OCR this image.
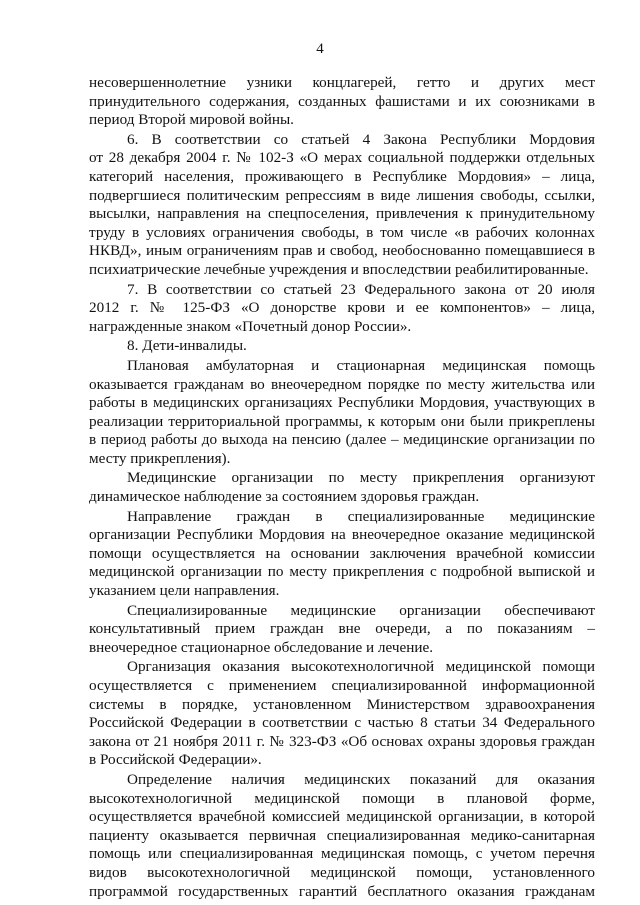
4

несовершеннолетние узники концлагерей, гетто и других мест
принудительного содержания, созданных фашистами и их союзниками в
период Второй мировой войны.

6. В соответствии со статьей 4 Закона Республики Мордовия
от 28 декабря 2004 г. № 102-З «О мерах социальной поддержки отдельных
категорий населения, проживающего в Республике Мордовия» – лица,
подвергшиеся политическим репрессиям в виде лишения свободы, ссылки,
высылки, направления на спецпоселения, привлечения к принудительному
труду в условиях ограничения свободы, в том числе «в рабочих колоннах
НКВД», иным ограничениям прав и свобод, необоснованно помещавшиеся в
психиатрические лечебные учреждения и впоследствии реабилитированные.

7. В соответствии со статьей 23 Федерального закона от 20 июля
2012 г. № 125-ФЗ «О донорстве крови и ее компонентов» – лица,
награжденные знаком «Почетный донор России».

8. Дети-инвалиды.

Плановая амбулаторная и стационарная медицинская помощь
оказывается гражданам во внеочередном порядке по месту жительства или
работы в медицинских организациях Республики Мордовия, участвующих в
реализации территориальной программы, к которым они были прикреплены
в период работы до выхода на пенсию (далее – медицинские организации по
месту прикрепления).

Медицинские организации по месту прикрепления организуют
динамическое наблюдение за состоянием здоровья граждан.

Направление граждан в специализированные медицинские
организации Республики Мордовия на внеочередное оказание медицинской
помощи осуществляется на основании заключения врачебной комиссии
медицинской организации по месту прикрепления с подробной выпиской и
указанием цели направления.

Специализированные медицинские организации обеспечивают
консультативный прием граждан вне очереди, а по показаниям –
внеочередное стационарное обследование и лечение.

Организация оказания высокотехнологичной медицинской помощи
осуществляется с применением специализированной информационной
системы в порядке, установленном Министерством здравоохранения
Российской Федерации в соответствии с частью 8 статьи 34 Федерального
закона от 21 ноября 2011 г. № 323-ФЗ «Об основах охраны здоровья граждан
в Российской Федерации».

Определение наличия медицинских показаний для оказания
высокотехнологичной медицинской помощи в плановой форме,
осуществляется врачебной комиссией медицинской организации, в которой
пациенту оказывается первичная специализированная медико-санитарная
помощь или специализированная медицинская помощь, с учетом перечня
видов высокотехнологичной медицинской помощи, установленного
программой государственных гарантий бесплатного оказания гражданам
